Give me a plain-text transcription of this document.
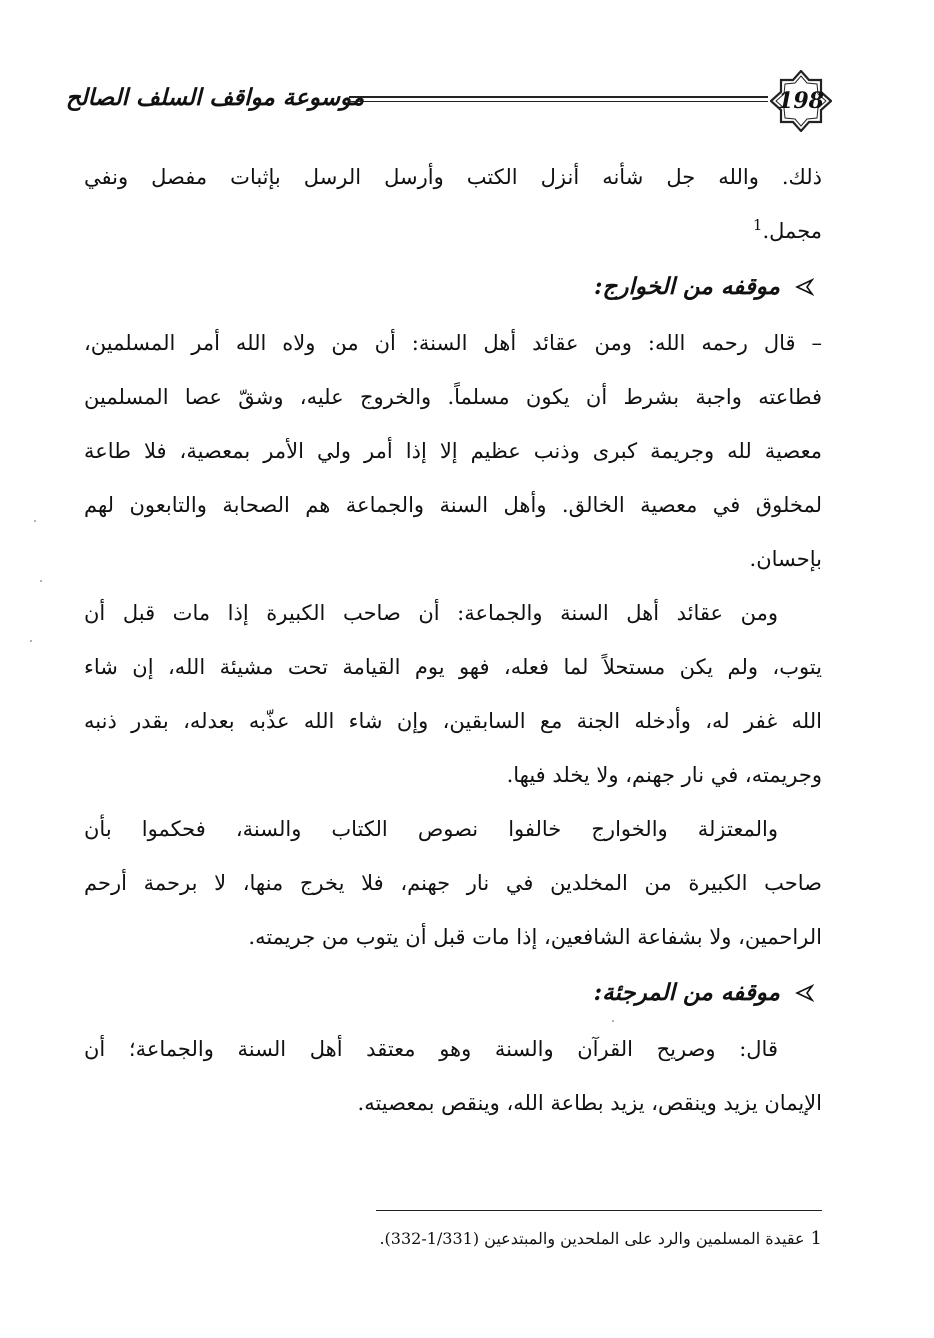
موسوعة مواقف السلف الصالح	198

ذلك. والله جل شأنه أنزل الكتب وأرسل الرسل بإثبات مفصل ونفي
مجمل.$^1$

موقفه من الخوارج:

– قال رحمه الله: ومن عقائد أهل السنة: أن من ولاه الله أمر المسلمين،
فطاعته واجبة بشرط أن يكون مسلماً. والخروج عليه، وشقّ عصا المسلمين
معصية لله وجريمة كبرى وذنب عظيم إلا إذا أمر ولي الأمر بمعصية، فلا طاعة
لمخلوق في معصية الخالق. وأهل السنة والجماعة هم الصحابة والتابعون لهم
بإحسان.

ومن عقائد أهل السنة والجماعة: أن صاحب الكبيرة إذا مات قبل أن
يتوب، ولم يكن مستحلاً لما فعله، فهو يوم القيامة تحت مشيئة الله، إن شاء
الله غفر له، وأدخله الجنة مع السابقين، وإن شاء الله عذّبه بعدله، بقدر ذنبه
وجريمته، في نار جهنم، ولا يخلد فيها.

والمعتزلة والخوارج خالفوا نصوص الكتاب والسنة، فحكموا بأن
صاحب الكبيرة من المخلدين في نار جهنم، فلا يخرج منها، لا برحمة أرحم
الراحمين، ولا بشفاعة الشافعين، إذا مات قبل أن يتوب من جريمته.

موقفه من المرجئة:

قال: وصريح القرآن والسنة وهو معتقد أهل السنة والجماعة؛ أن
الإيمان يزيد وينقص، يزيد بطاعة الله، وينقص بمعصيته.

1عقيدة المسلمين والرد على الملحدين والمبتدعين (1/331-332).
